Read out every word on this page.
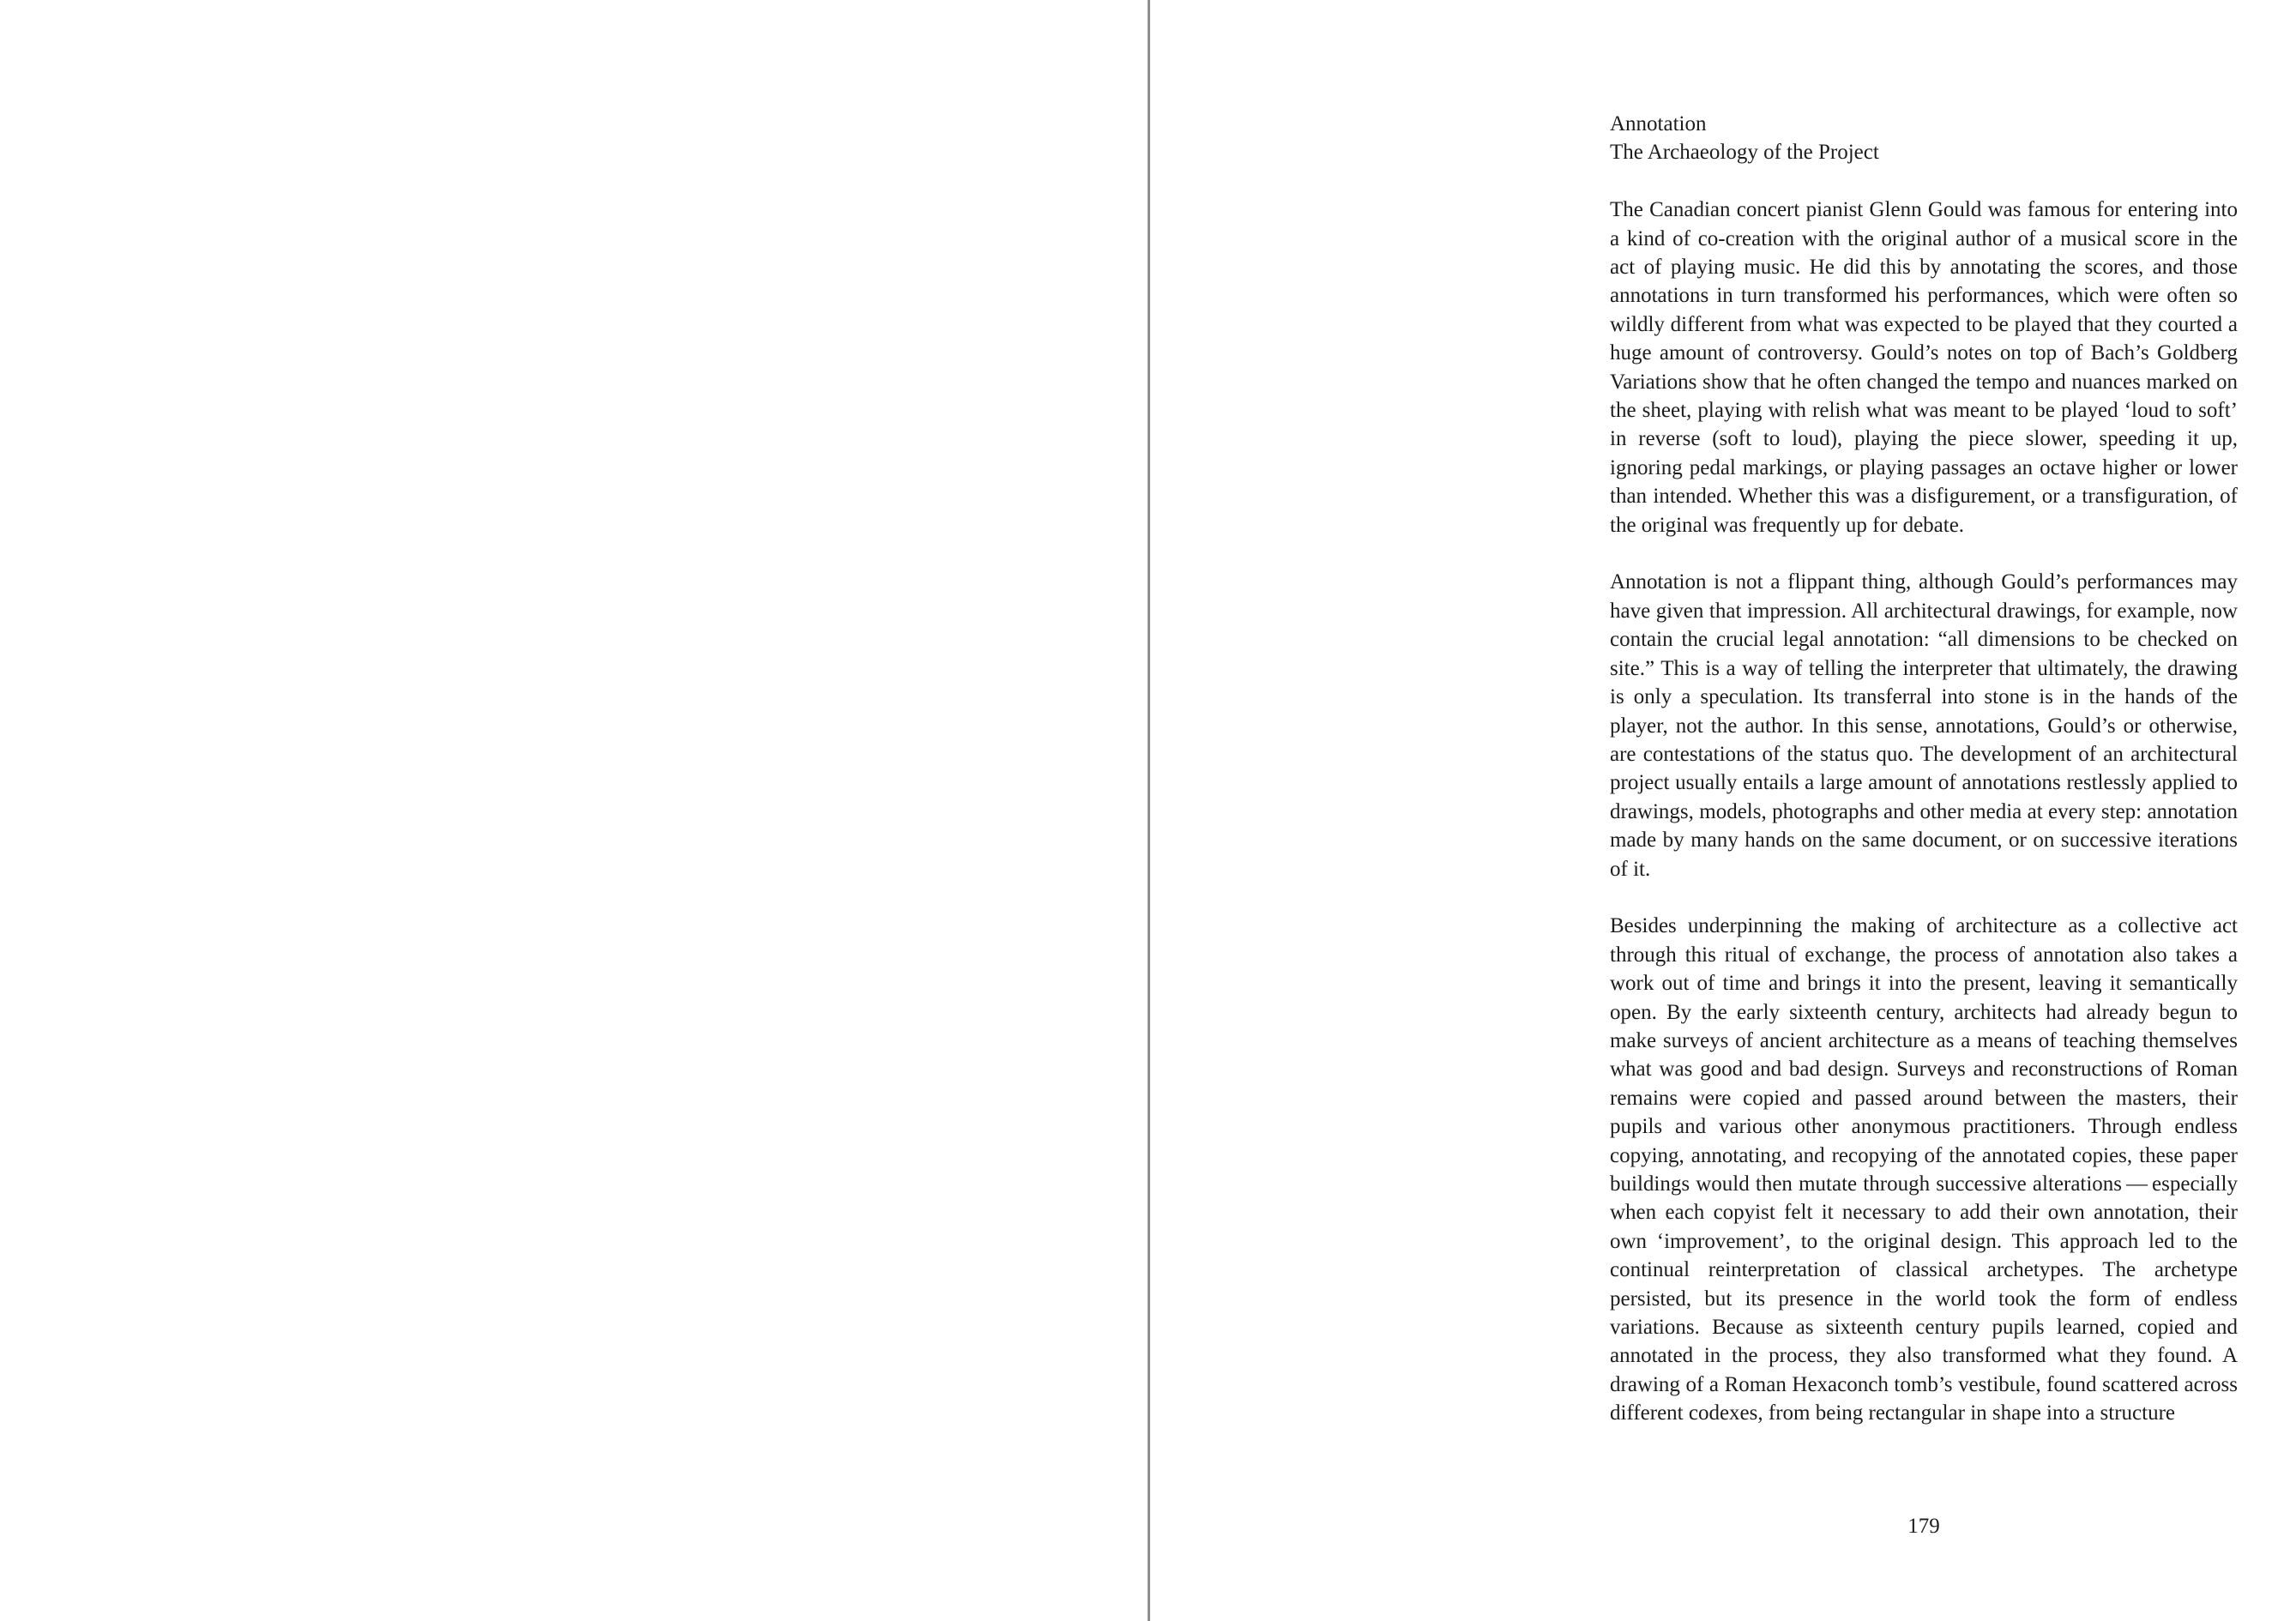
Annotation
The Archaeology of the Project

The Canadian concert pianist Glenn Gould was famous for entering into a kind of co-creation with the original author of a musical score in the act of playing music. He did this by annotating the scores, and those annotations in turn transformed his performances, which were often so wildly different from what was expected to be played that they courted a huge amount of controversy. Gould’s notes on top of Bach’s Goldberg Variations show that he often changed the tempo and nuances marked on the sheet, playing with relish what was meant to be played ‘loud to soft’ in reverse (soft to loud), playing the piece slower, speeding it up, ignoring pedal markings, or playing passages an octave higher or lower than intended. Whether this was a disfigurement, or a transfiguration, of the original was frequently up for debate.

Annotation is not a flippant thing, although Gould’s performances may have given that impression. All architectural drawings, for example, now contain the crucial legal annotation: “all dimensions to be checked on site.” This is a way of telling the interpreter that ultimately, the drawing is only a speculation. Its transferral into stone is in the hands of the player, not the author. In this sense, annotations, Gould’s or otherwise, are contestations of the status quo. The development of an architectural project usually entails a large amount of annotations restlessly applied to drawings, models, photographs and other media at every step: annotation made by many hands on the same document, or on successive iterations of it.

Besides underpinning the making of architecture as a collective act through this ritual of exchange, the process of annotation also takes a work out of time and brings it into the present, leaving it semantically open. By the early sixteenth century, architects had already begun to make surveys of ancient architecture as a means of teaching themselves what was good and bad design. Surveys and reconstructions of Roman remains were copied and passed around between the masters, their pupils and various other anonymous practitioners. Through endless copying, annotating, and recopying of the annotated copies, these paper buildings would then mutate through successive alterations — especially when each copyist felt it necessary to add their own annotation, their own ‘improvement’, to the original design. This approach led to the continual reinterpretation of classical archetypes. The archetype persisted, but its presence in the world took the form of endless variations. Because as sixteenth century pupils learned, copied and annotated in the process, they also transformed what they found. A drawing of a Roman Hexaconch tomb’s vestibule, found scattered across different codexes, from being rectangular in shape into a structure

179
